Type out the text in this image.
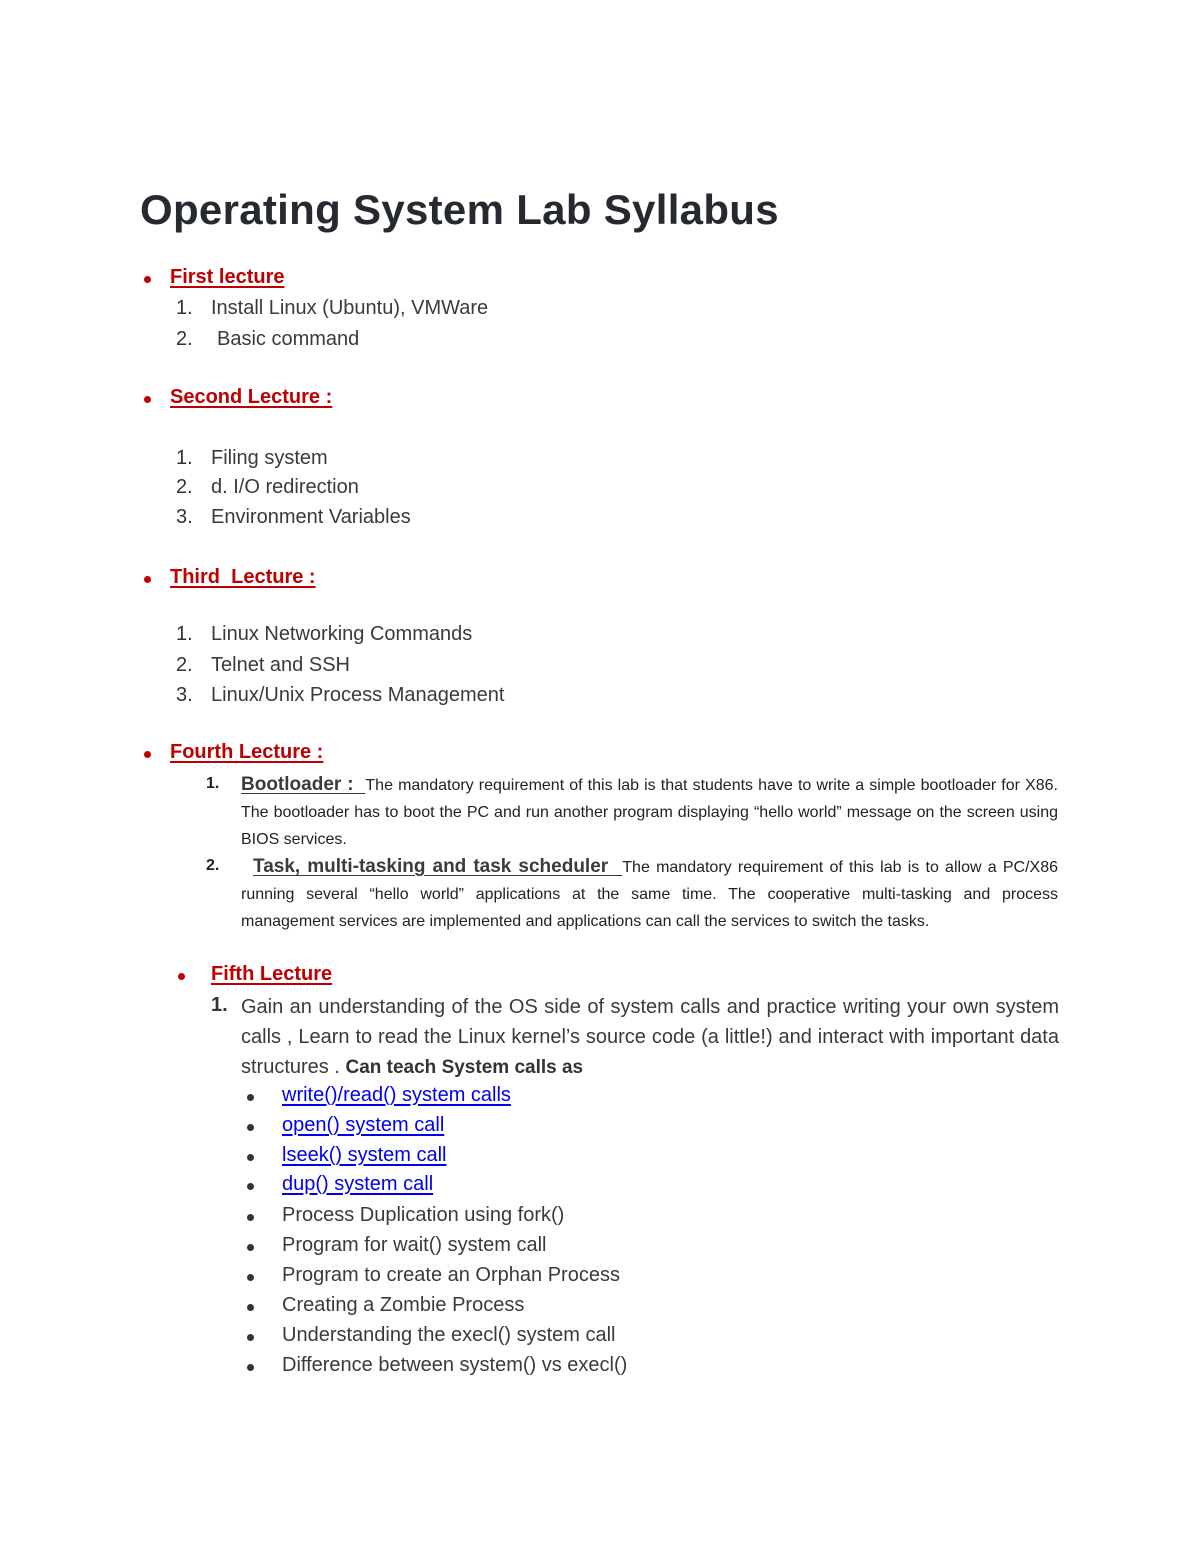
Operating System Lab Syllabus
First lecture
1. Install Linux (Ubuntu), VMWare
2. Basic command
Second Lecture :
1. Filing system
2. d. I/O redirection
3. Environment Variables
Third  Lecture :
1. Linux Networking Commands
2. Telnet and SSH
3. Linux/Unix Process Management
Fourth Lecture :
1. Bootloader :  The mandatory requirement of this lab is that students have to write a simple bootloader for X86. The bootloader has to boot the PC and run another program displaying “hello world” message on the screen using BIOS services.
2.	Task, multi-tasking and task scheduler  The mandatory requirement of this lab is to allow a PC/X86 running several “hello world” applications at the same time. The cooperative multi-tasking and process management services are implemented and applications can call the services to switch the tasks.
Fifth Lecture
1. Gain an understanding of the OS side of system calls and practice writing your own system calls , Learn to read the Linux kernel’s source code (a little!) and interact with important data structures . Can teach System calls as
write()/read() system calls
open() system call
lseek() system call
dup() system call
Process Duplication using fork()
Program for wait() system call
Program to create an Orphan Process
Creating a Zombie Process
Understanding the execl() system call
Difference between system() vs execl()
